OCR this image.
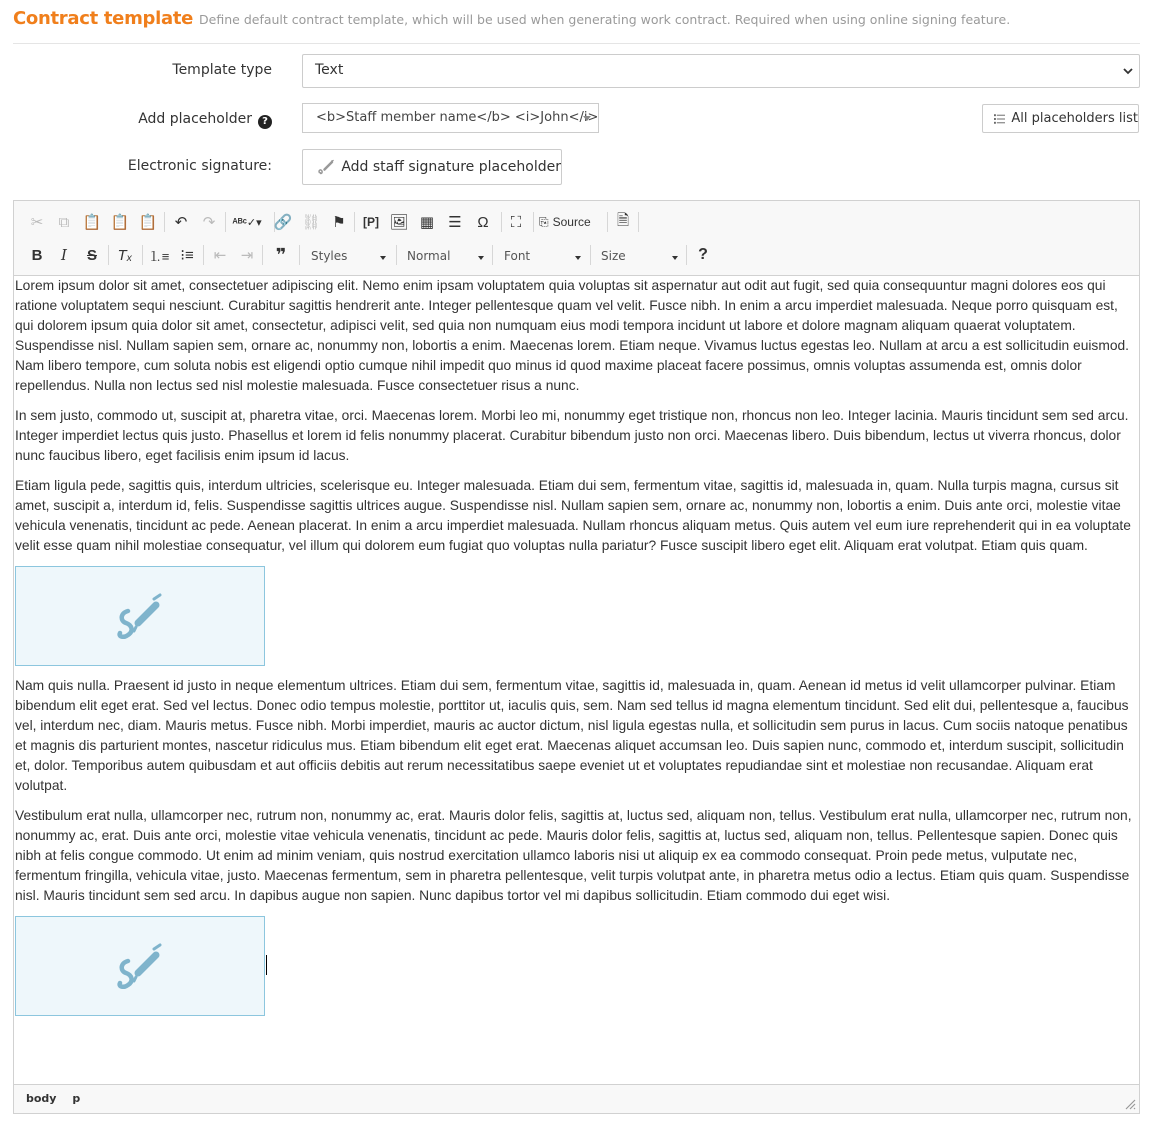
Contract template Define default contract template, which will be used when generating work contract. Required when using online signing feature.
Template type	Text
Add placeholder ?	<b>Staff member name</b> <i>John</i>	All placeholders list
Electronic signature:	Add staff signature placeholder
✂	⧉ 📋 📋 📋	↶	↷	ᴬᴮᶜ✓▾ 🔗 ⛓ ⚑	[P] 🖼 ▦ ☰	Ω	⛶	⎘ Source	🗎
B	I	S	Tₓ ⒈≡ ⁝≡	⇤ ⇥	❞	Styles	Normal	Font	Size	?

Lorem ipsum dolor sit amet, consectetuer adipiscing elit. Nemo enim ipsam voluptatem quia voluptas sit aspernatur aut odit aut fugit, sed quia consequuntur magni dolores eos qui ratione voluptatem sequi nesciunt. Curabitur sagittis hendrerit ante. Integer pellentesque quam vel velit. Fusce nibh. In enim a arcu imperdiet malesuada. Neque porro quisquam est, qui dolorem ipsum quia dolor sit amet, consectetur, adipisci velit, sed quia non numquam eius modi tempora incidunt ut labore et dolore magnam aliquam quaerat voluptatem. Suspendisse nisl. Nullam sapien sem, ornare ac, nonummy non, lobortis a enim. Maecenas lorem. Etiam neque. Vivamus luctus egestas leo. Nullam at arcu a est sollicitudin euismod. Nam libero tempore, cum soluta nobis est eligendi optio cumque nihil impedit quo minus id quod maxime placeat facere possimus, omnis voluptas assumenda est, omnis dolor repellendus. Nulla non lectus sed nisl molestie malesuada. Fusce consectetuer risus a nunc.

In sem justo, commodo ut, suscipit at, pharetra vitae, orci. Maecenas lorem. Morbi leo mi, nonummy eget tristique non, rhoncus non leo. Integer lacinia. Mauris tincidunt sem sed arcu. Integer imperdiet lectus quis justo. Phasellus et lorem id felis nonummy placerat. Curabitur bibendum justo non orci. Maecenas libero. Duis bibendum, lectus ut viverra rhoncus, dolor nunc faucibus libero, eget facilisis enim ipsum id lacus.

Etiam ligula pede, sagittis quis, interdum ultricies, scelerisque eu. Integer malesuada. Etiam dui sem, fermentum vitae, sagittis id, malesuada in, quam. Nulla turpis magna, cursus sit amet, suscipit a, interdum id, felis. Suspendisse sagittis ultrices augue. Suspendisse nisl. Nullam sapien sem, ornare ac, nonummy non, lobortis a enim. Duis ante orci, molestie vitae vehicula venenatis, tincidunt ac pede. Aenean placerat. In enim a arcu imperdiet malesuada. Nullam rhoncus aliquam metus. Quis autem vel eum iure reprehenderit qui in ea voluptate velit esse quam nihil molestiae consequatur, vel illum qui dolorem eum fugiat quo voluptas nulla pariatur? Fusce suscipit libero eget elit. Aliquam erat volutpat. Etiam quis quam.

Nam quis nulla. Praesent id justo in neque elementum ultrices. Etiam dui sem, fermentum vitae, sagittis id, malesuada in, quam. Aenean id metus id velit ullamcorper pulvinar. Etiam bibendum elit eget erat. Sed vel lectus. Donec odio tempus molestie, porttitor ut, iaculis quis, sem. Nam sed tellus id magna elementum tincidunt. Sed elit dui, pellentesque a, faucibus vel, interdum nec, diam. Mauris metus. Fusce nibh. Morbi imperdiet, mauris ac auctor dictum, nisl ligula egestas nulla, et sollicitudin sem purus in lacus. Cum sociis natoque penatibus et magnis dis parturient montes, nascetur ridiculus mus. Etiam bibendum elit eget erat. Maecenas aliquet accumsan leo. Duis sapien nunc, commodo et, interdum suscipit, sollicitudin et, dolor. Temporibus autem quibusdam et aut officiis debitis aut rerum necessitatibus saepe eveniet ut et voluptates repudiandae sint et molestiae non recusandae. Aliquam erat volutpat.

Vestibulum erat nulla, ullamcorper nec, rutrum non, nonummy ac, erat. Mauris dolor felis, sagittis at, luctus sed, aliquam non, tellus. Vestibulum erat nulla, ullamcorper nec, rutrum non, nonummy ac, erat. Duis ante orci, molestie vitae vehicula venenatis, tincidunt ac pede. Mauris dolor felis, sagittis at, luctus sed, aliquam non, tellus. Pellentesque sapien. Donec quis nibh at felis congue commodo. Ut enim ad minim veniam, quis nostrud exercitation ullamco laboris nisi ut aliquip ex ea commodo consequat. Proin pede metus, vulputate nec, fermentum fringilla, vehicula vitae, justo. Maecenas fermentum, sem in pharetra pellentesque, velit turpis volutpat ante, in pharetra metus odio a lectus. Etiam quis quam. Suspendisse nisl. Mauris tincidunt sem sed arcu. In dapibus augue non sapien. Nunc dapibus tortor vel mi dapibus sollicitudin. Etiam commodo dui eget wisi.

body p
